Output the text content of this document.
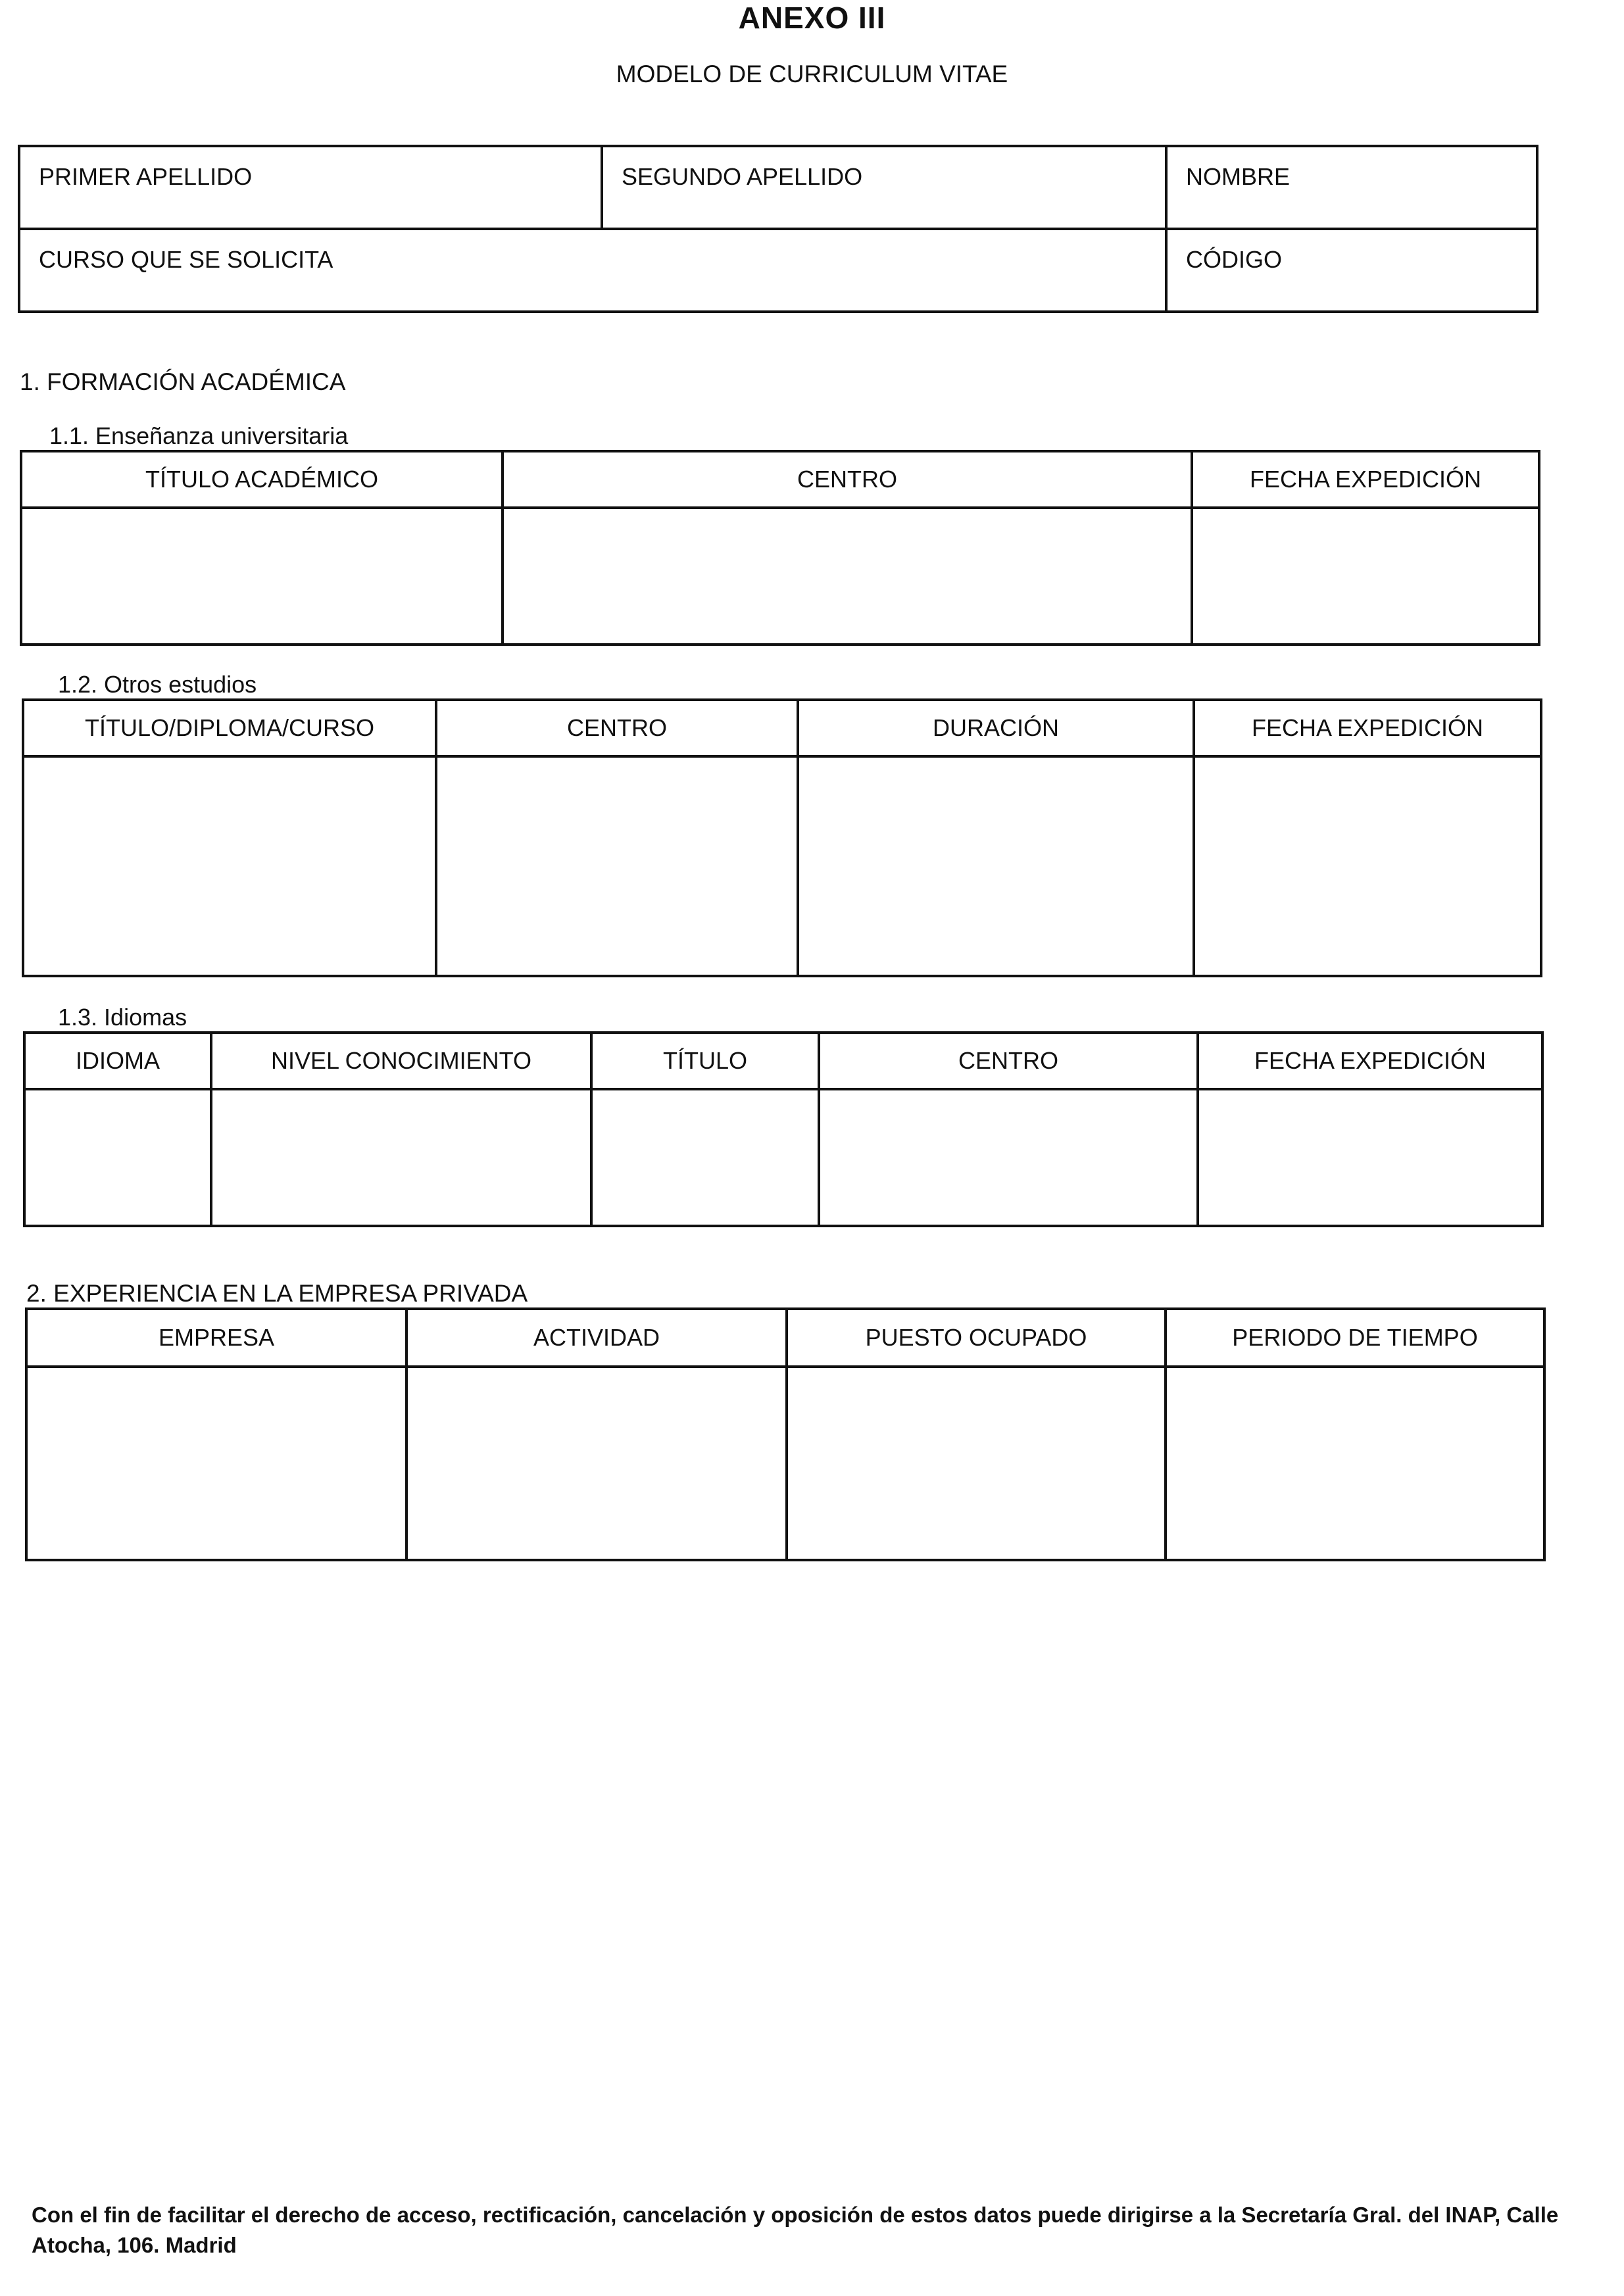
ANEXO III
MODELO DE CURRICULUM VITAE
PRIMER APELLIDO	SEGUNDO APELLIDO	NOMBRE
CURSO QUE SE SOLICITA		CÓDIGO
1. FORMACIÓN ACADÉMICA
1.1. Enseñanza universitaria
TÍTULO ACADÉMICO	CENTRO	FECHA EXPEDICIÓN

1.2. Otros estudios
TÍTULO/DIPLOMA/CURSO	CENTRO	DURACIÓN	FECHA EXPEDICIÓN

1.3. Idiomas
IDIOMA	NIVEL CONOCIMIENTO	TÍTULO	CENTRO	FECHA EXPEDICIÓN

2. EXPERIENCIA EN LA EMPRESA PRIVADA
EMPRESA	ACTIVIDAD	PUESTO OCUPADO	PERIODO DE TIEMPO

Con el fin de facilitar el derecho de acceso, rectificación, cancelación y oposición de estos datos puede dirigirse a la Secretaría Gral. del INAP, Calle Atocha, 106. Madrid
